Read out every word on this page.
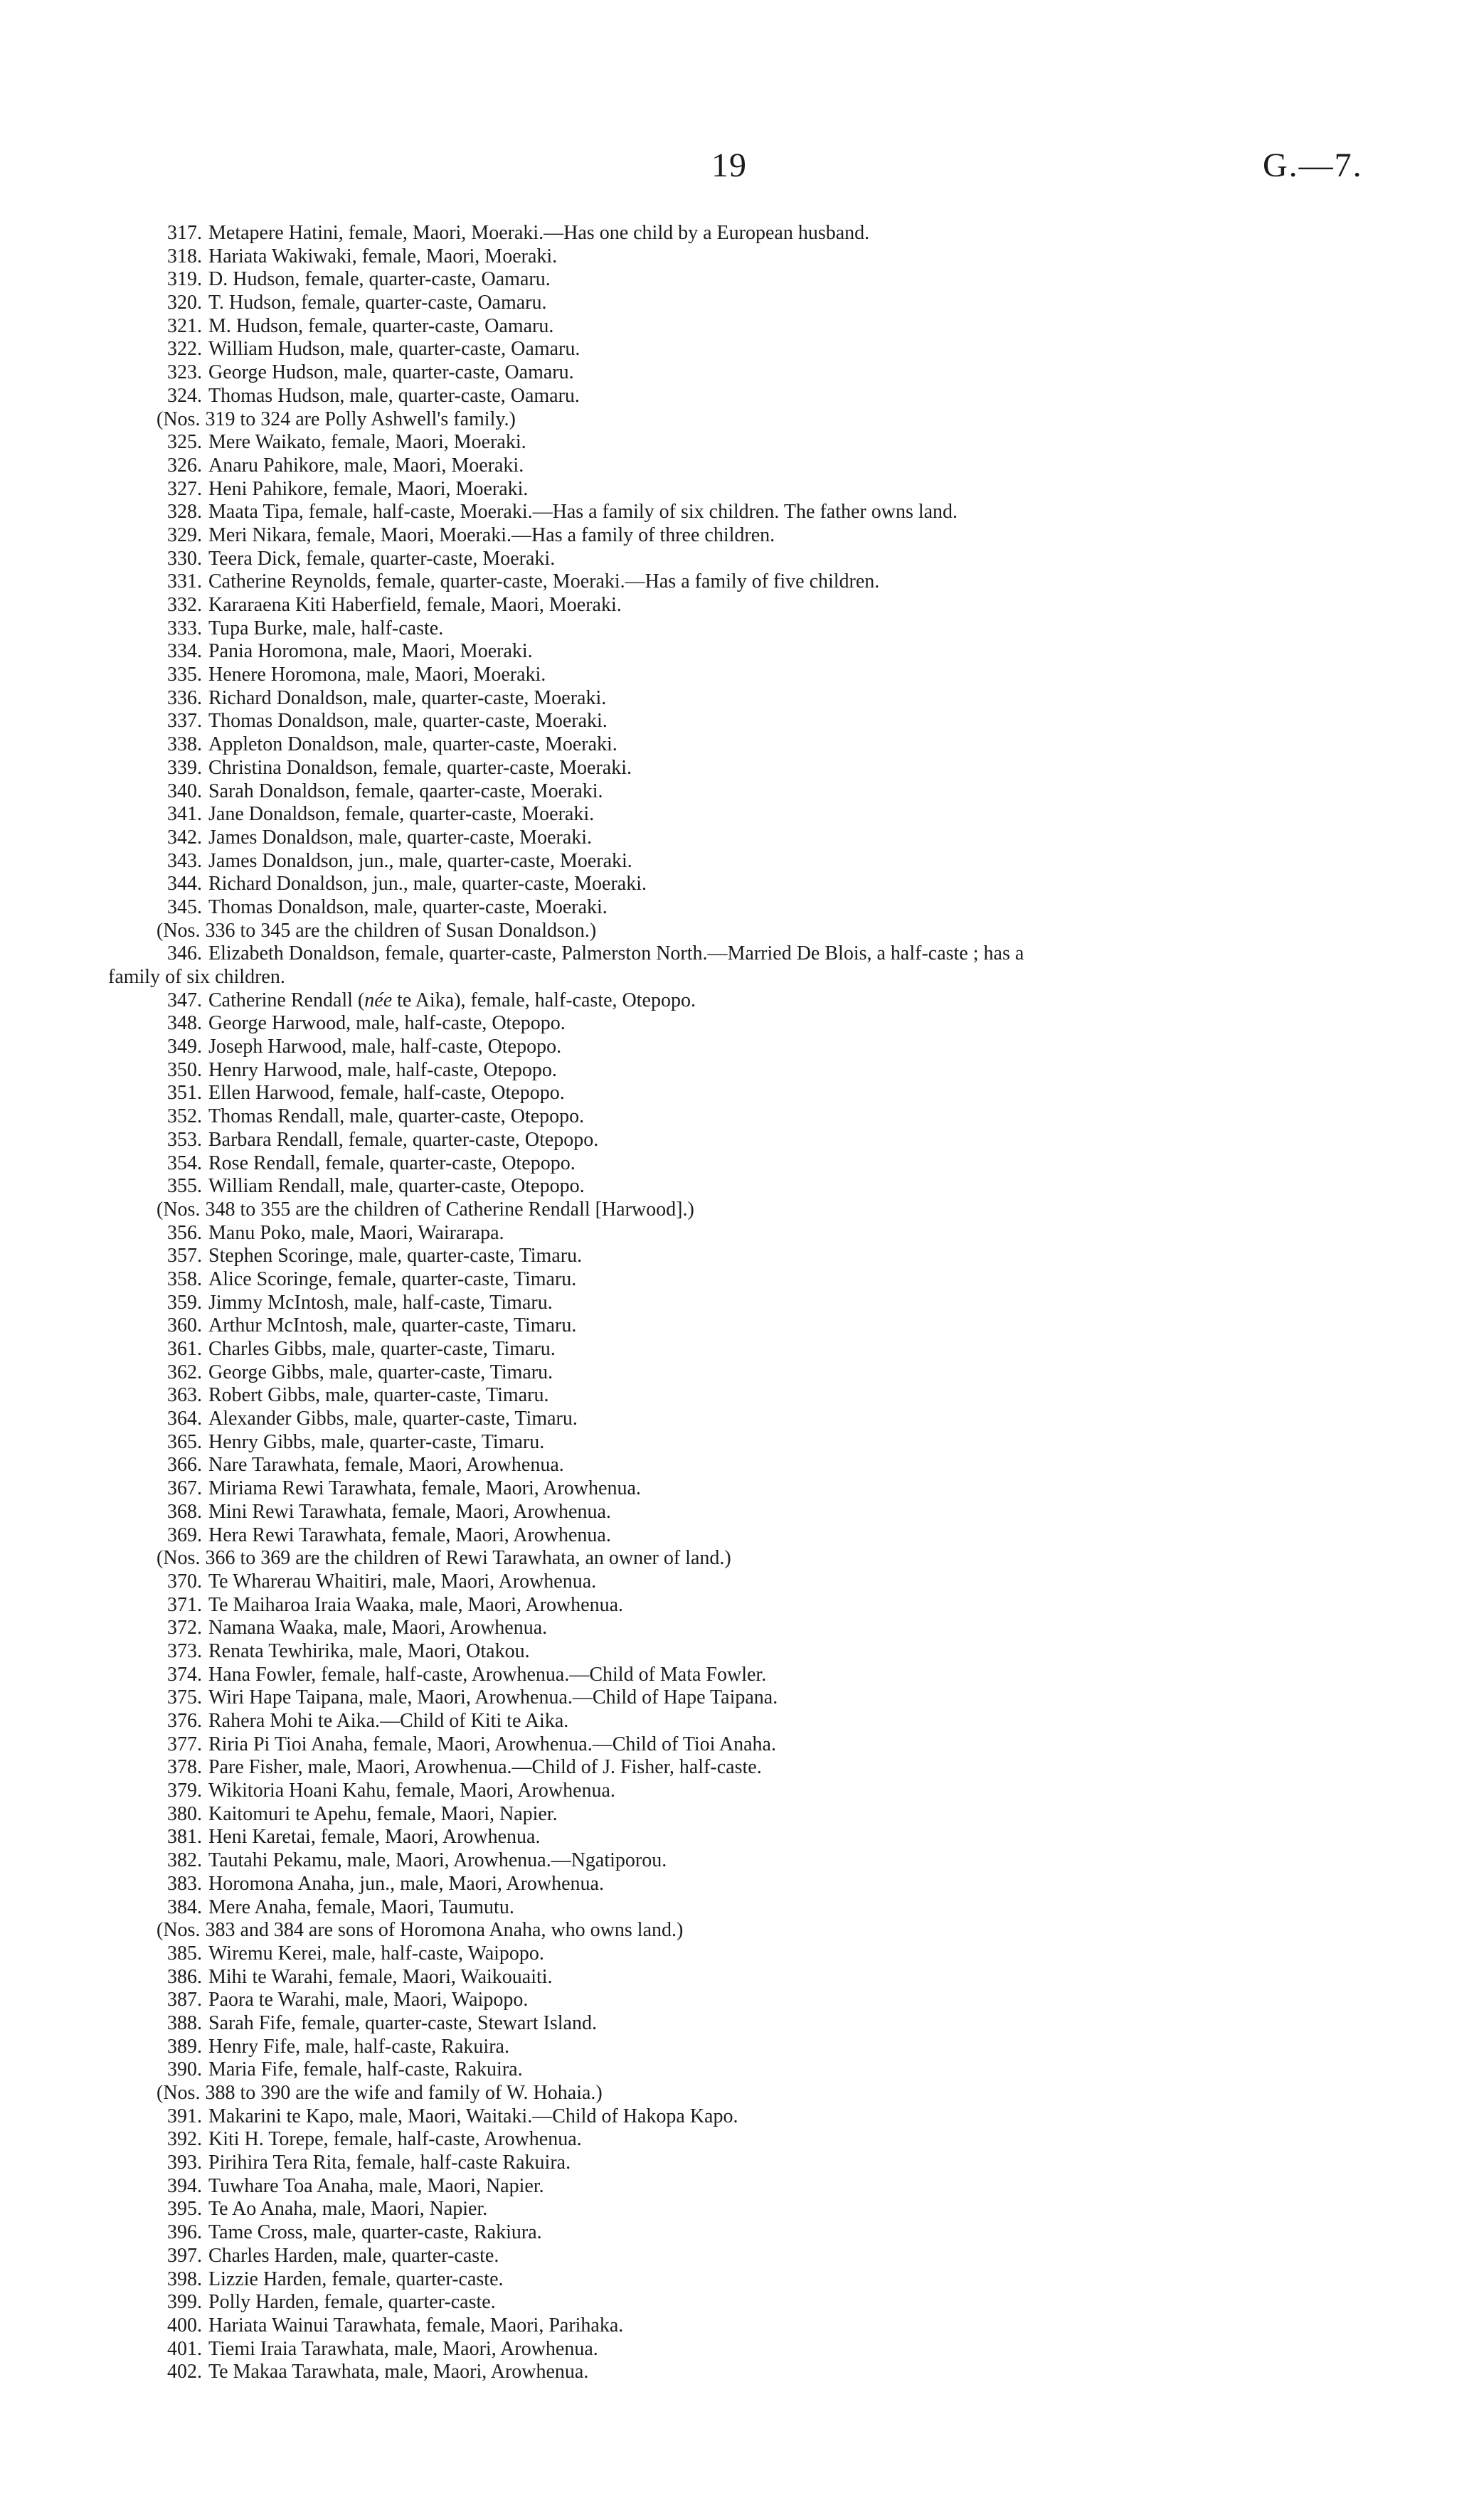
19	G.—7.
317. Metapere Hatini, female, Maori, Moeraki.—Has one child by a European husband.
318. Hariata Wakiwaki, female, Maori, Moeraki.
319. D. Hudson, female, quarter-caste, Oamaru.
320. T. Hudson, female, quarter-caste, Oamaru.
321. M. Hudson, female, quarter-caste, Oamaru.
322. William Hudson, male, quarter-caste, Oamaru.
323. George Hudson, male, quarter-caste, Oamaru.
324. Thomas Hudson, male, quarter-caste, Oamaru.
(Nos. 319 to 324 are Polly Ashwell's family.)
325. Mere Waikato, female, Maori, Moeraki.
326. Anaru Pahikore, male, Maori, Moeraki.
327. Heni Pahikore, female, Maori, Moeraki.
328. Maata Tipa, female, half-caste, Moeraki.—Has a family of six children. The father owns land.
329. Meri Nikara, female, Maori, Moeraki.—Has a family of three children.
330. Teera Dick, female, quarter-caste, Moeraki.
331. Catherine Reynolds, female, quarter-caste, Moeraki.—Has a family of five children.
332. Kararaena Kiti Haberfield, female, Maori, Moeraki.
333. Tupa Burke, male, half-caste.
334. Pania Horomona, male, Maori, Moeraki.
335. Henere Horomona, male, Maori, Moeraki.
336. Richard Donaldson, male, quarter-caste, Moeraki.
337. Thomas Donaldson, male, quarter-caste, Moeraki.
338. Appleton Donaldson, male, quarter-caste, Moeraki.
339. Christina Donaldson, female, quarter-caste, Moeraki.
340. Sarah Donaldson, female, qaarter-caste, Moeraki.
341. Jane Donaldson, female, quarter-caste, Moeraki.
342. James Donaldson, male, quarter-caste, Moeraki.
343. James Donaldson, jun., male, quarter-caste, Moeraki.
344. Richard Donaldson, jun., male, quarter-caste, Moeraki.
345. Thomas Donaldson, male, quarter-caste, Moeraki.
(Nos. 336 to 345 are the children of Susan Donaldson.)
346. Elizabeth Donaldson, female, quarter-caste, Palmerston North.—Married De Blois, a half-caste ; has a
family of six children.
347. Catherine Rendall (née te Aika), female, half-caste, Otepopo.
348. George Harwood, male, half-caste, Otepopo.
349. Joseph Harwood, male, half-caste, Otepopo.
350. Henry Harwood, male, half-caste, Otepopo.
351. Ellen Harwood, female, half-caste, Otepopo.
352. Thomas Rendall, male, quarter-caste, Otepopo.
353. Barbara Rendall, female, quarter-caste, Otepopo.
354. Rose Rendall, female, quarter-caste, Otepopo.
355. William Rendall, male, quarter-caste, Otepopo.
(Nos. 348 to 355 are the children of Catherine Rendall [Harwood].)
356. Manu Poko, male, Maori, Wairarapa.
357. Stephen Scoringe, male, quarter-caste, Timaru.
358. Alice Scoringe, female, quarter-caste, Timaru.
359. Jimmy McIntosh, male, half-caste, Timaru.
360. Arthur McIntosh, male, quarter-caste, Timaru.
361. Charles Gibbs, male, quarter-caste, Timaru.
362. George Gibbs, male, quarter-caste, Timaru.
363. Robert Gibbs, male, quarter-caste, Timaru.
364. Alexander Gibbs, male, quarter-caste, Timaru.
365. Henry Gibbs, male, quarter-caste, Timaru.
366. Nare Tarawhata, female, Maori, Arowhenua.
367. Miriama Rewi Tarawhata, female, Maori, Arowhenua.
368. Mini Rewi Tarawhata, female, Maori, Arowhenua.
369. Hera Rewi Tarawhata, female, Maori, Arowhenua.
(Nos. 366 to 369 are the children of Rewi Tarawhata, an owner of land.)
370. Te Wharerau Whaitiri, male, Maori, Arowhenua.
371. Te Maiharoa Iraia Waaka, male, Maori, Arowhenua.
372. Namana Waaka, male, Maori, Arowhenua.
373. Renata Tewhirika, male, Maori, Otakou.
374. Hana Fowler, female, half-caste, Arowhenua.—Child of Mata Fowler.
375. Wiri Hape Taipana, male, Maori, Arowhenua.—Child of Hape Taipana.
376. Rahera Mohi te Aika.—Child of Kiti te Aika.
377. Riria Pi Tioi Anaha, female, Maori, Arowhenua.—Child of Tioi Anaha.
378. Pare Fisher, male, Maori, Arowhenua.—Child of J. Fisher, half-caste.
379. Wikitoria Hoani Kahu, female, Maori, Arowhenua.
380. Kaitomuri te Apehu, female, Maori, Napier.
381. Heni Karetai, female, Maori, Arowhenua.
382. Tautahi Pekamu, male, Maori, Arowhenua.—Ngatiporou.
383. Horomona Anaha, jun., male, Maori, Arowhenua.
384. Mere Anaha, female, Maori, Taumutu.
(Nos. 383 and 384 are sons of Horomona Anaha, who owns land.)
385. Wiremu Kerei, male, half-caste, Waipopo.
386. Mihi te Warahi, female, Maori, Waikouaiti.
387. Paora te Warahi, male, Maori, Waipopo.
388. Sarah Fife, female, quarter-caste, Stewart Island.
389. Henry Fife, male, half-caste, Rakuira.
390. Maria Fife, female, half-caste, Rakuira.
(Nos. 388 to 390 are the wife and family of W. Hohaia.)
391. Makarini te Kapo, male, Maori, Waitaki.—Child of Hakopa Kapo.
392. Kiti H. Torepe, female, half-caste, Arowhenua.
393. Pirihira Tera Rita, female, half-caste Rakuira.
394. Tuwhare Toa Anaha, male, Maori, Napier.
395. Te Ao Anaha, male, Maori, Napier.
396. Tame Cross, male, quarter-caste, Rakiura.
397. Charles Harden, male, quarter-caste.
398. Lizzie Harden, female, quarter-caste.
399. Polly Harden, female, quarter-caste.
400. Hariata Wainui Tarawhata, female, Maori, Parihaka.
401. Tiemi Iraia Tarawhata, male, Maori, Arowhenua.
402. Te Makaa Tarawhata, male, Maori, Arowhenua.
